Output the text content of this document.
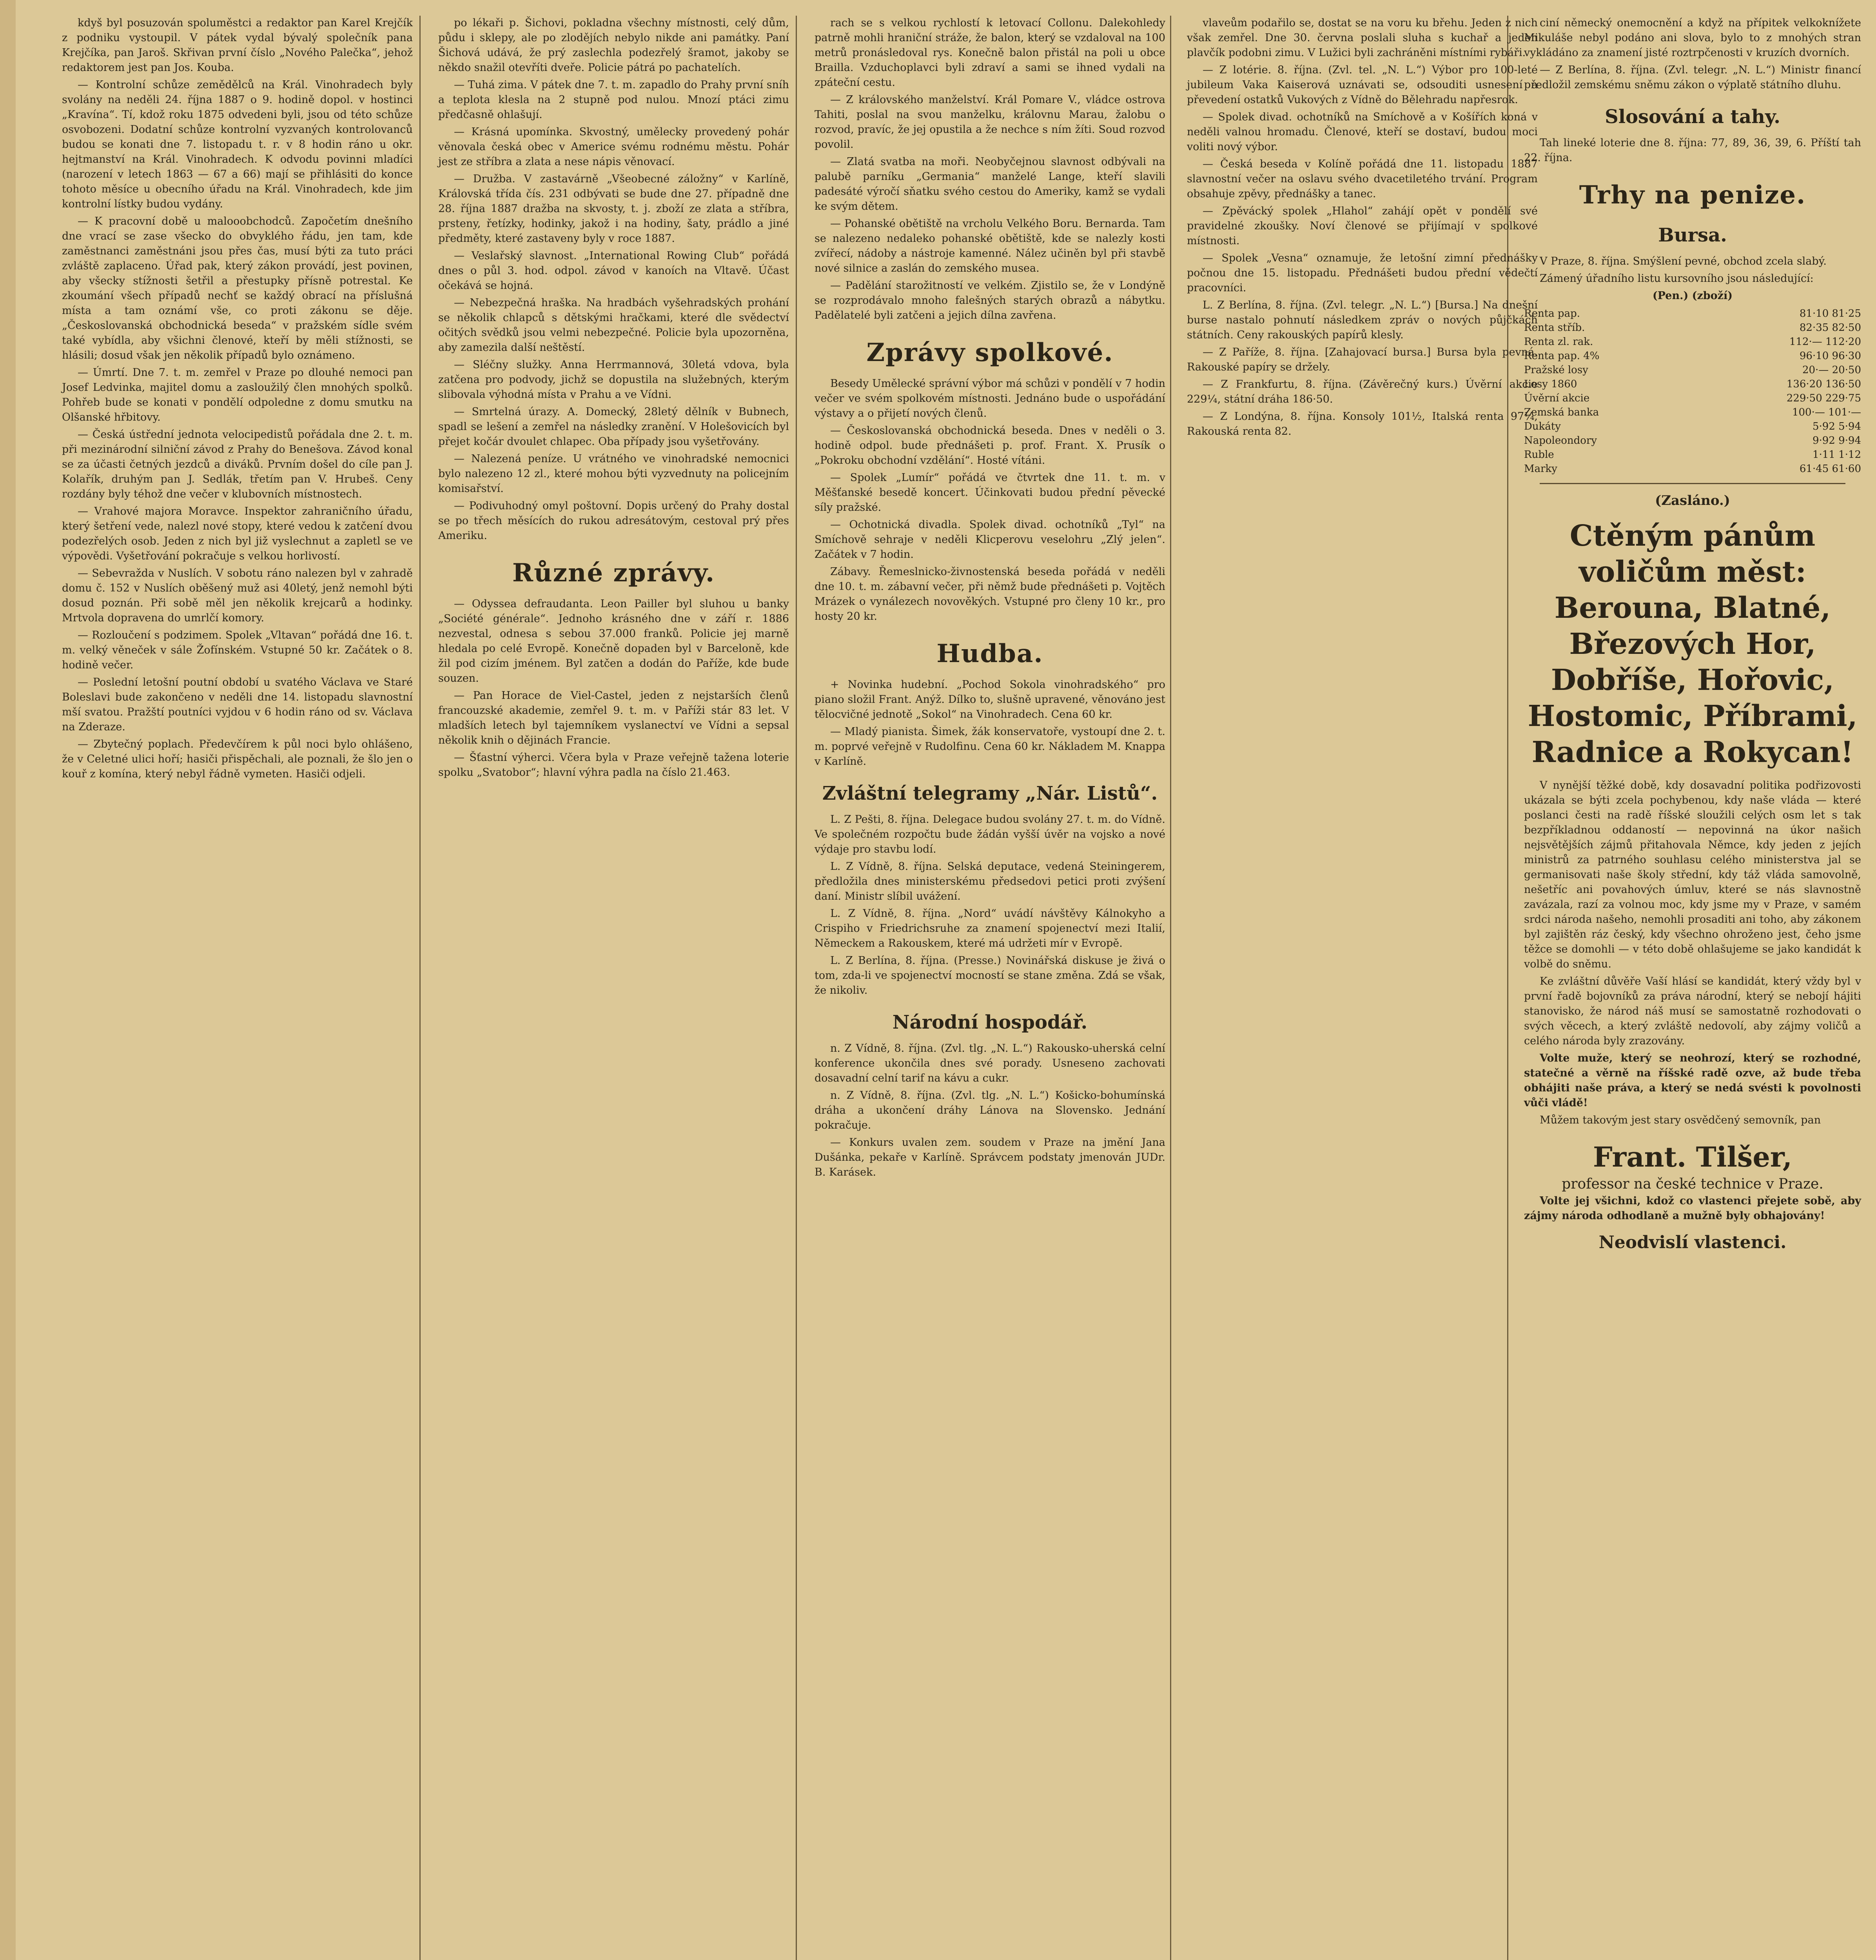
kdyš byl posuzován spoluměstci a redaktor pan Karel Krejčík z podniku vystoupil. V pátek vydal bývalý společník pana Krejčíka, pan Jaroš. Skřivan první číslo „Nového Palečka“, jehož redaktorem jest pan Jos. Kouba.

— Kontrolní schůze zemědělců na Král. Vinohradech byly svolány na neděli 24. října 1887 o 9. hodině dopol. v hostinci „Kravína“. Tí, kdož roku 1875 odvedeni byli, jsou od této schůze osvobozeni. Dodatní schůze kontrolní vyzvaných kontrolovanců budou se konati dne 7. listopadu t. r. v 8 hodin ráno u okr. hejtmanství na Král. Vinohradech. K odvodu povinni mladíci (narození v letech 1863 — 67 a 66) mají se přihlásiti do konce tohoto měsíce u obecního úřadu na Král. Vinohradech, kde jim kontrolní lístky budou vydány.

— K pracovní době u malooobchodců. Započetím dnešního dne vrací se zase všecko do obvyklého řádu, jen tam, kde zaměstnanci zaměstnáni jsou přes čas, musí býti za tuto práci zvláště zaplaceno. Úřad pak, který zákon provádí, jest povinen, aby všecky stížnosti šetřil a přestupky přísně potrestal. Ke zkoumání všech případů nechť se každý obrací na příslušná místa a tam oznámí vše, co proti zákonu se děje. „Českoslovanská obchodnická beseda“ v pražském sídle svém také vybídla, aby všichni členové, kteří by měli stížnosti, se hlásili; dosud však jen několik případů bylo oznámeno.

— Úmrtí. Dne 7. t. m. zemřel v Praze po dlouhé nemoci pan Josef Ledvinka, majitel domu a zasloužilý člen mnohých spolků. Pohřeb bude se konati v pondělí odpoledne z domu smutku na Olšanské hřbitovy.

— Česká ústřední jednota velocipedistů pořádala dne 2. t. m. při mezinárodní silniční závod z Prahy do Benešova. Závod konal se za účasti četných jezdců a diváků. Prvním došel do cíle pan J. Kolařík, druhým pan J. Sedlák, třetím pan V. Hrubeš. Ceny rozdány byly téhož dne večer v klubovních místnostech.

— Vrahové majora Moravce. Inspektor zahraničního úřadu, který šetření vede, nalezl nové stopy, které vedou k zatčení dvou podezřelých osob. Jeden z nich byl již vyslechnut a zapletl se ve výpovědi. Vyšetřování pokračuje s velkou horlivostí.

— Sebevražda v Nuslích. V sobotu ráno nalezen byl v zahradě domu č. 152 v Nuslích oběšený muž asi 40letý, jenž nemohl býti dosud poznán. Při sobě měl jen několik krejcarů a hodinky. Mrtvola dopravena do umrlčí komory.

— Rozloučení s podzimem. Spolek „Vltavan“ pořádá dne 16. t. m. velký věneček v sále Žofínském. Vstupné 50 kr. Začátek o 8. hodině večer.

— Poslední letošní poutní období u svatého Václava ve Staré Boleslavi bude zakončeno v neděli dne 14. listopadu slavnostní mší svatou. Pražští poutníci vyjdou v 6 hodin ráno od sv. Václava na Zderaze.

— Zbytečný poplach. Předevčírem k půl noci bylo ohlášeno, že v Celetné ulici hoří; hasiči přispěchali, ale poznali, že šlo jen o kouř z komína, který nebyl řádně vymeten. Hasiči odjeli.

po lékaři p. Šichovi, pokladna všechny místnosti, celý dům, půdu i sklepy, ale po zlodějích nebylo nikde ani památky. Paní Šichová udává, že prý zaslechla podezřelý šramot, jakoby se někdo snažil otevříti dveře. Policie pátrá po pachatelích.

— Tuhá zima. V pátek dne 7. t. m. zapadlo do Prahy první sníh a teplota klesla na 2 stupně pod nulou. Mnozí ptáci zimu předčasně ohlašují.

— Krásná upomínka. Skvostný, umělecky provedený pohár věnovala česká obec v Americe svému rodnému městu. Pohár jest ze stříbra a zlata a nese nápis věnovací.

— Družba. V zastavárně „Všeobecné záložny“ v Karlíně, Královská třída čís. 231 odbývati se bude dne 27. případně dne 28. října 1887 dražba na skvosty, t. j. zboží ze zlata a stříbra, prsteny, řetízky, hodinky, jakož i na hodiny, šaty, prádlo a jiné předměty, které zastaveny byly v roce 1887.

— Veslařský slavnost. „International Rowing Club“ pořádá dnes o půl 3. hod. odpol. závod v kanoích na Vltavě. Účast očekává se hojná.

— Nebezpečná hraška. Na hradbách vyšehradských prohání se několik chlapců s dětskými hračkami, které dle svědectví očitých svědků jsou velmi nebezpečné. Policie byla upozorněna, aby zamezila další neštěstí.

— Sléčny služky. Anna Herrmannová, 30letá vdova, byla zatčena pro podvody, jichž se dopustila na služebných, kterým slibovala výhodná místa v Prahu a ve Vídni.

— Smrtelná úrazy. A. Domecký, 28letý dělník v Bubnech, spadl se lešení a zemřel na následky zranění. V Holešovicích byl přejet kočár dvoulet chlapec. Oba případy jsou vyšetřovány.

— Nalezená peníze. U vrátného ve vinohradské nemocnici bylo nalezeno 12 zl., které mohou býti vyzvednuty na policejním komisařství.

— Podivuhodný omyl poštovní. Dopis určený do Prahy dostal se po třech měsících do rukou adresátovým, cestoval prý přes Ameriku.

Různé zprávy.

— Odyssea defraudanta. Leon Pailler byl sluhou u banky „Société générale“. Jednoho krásného dne v září r. 1886 nezvestal, odnesa s sebou 37.000 franků. Policie jej marně hledala po celé Evropě. Konečně dopaden byl v Barceloně, kde žil pod cizím jménem. Byl zatčen a dodán do Paříže, kde bude souzen.

— Pan Horace de Viel-Castel, jeden z nejstarších členů francouzské akademie, zemřel 9. t. m. v Paříži stár 83 let. V mladších letech byl tajemníkem vyslanectví ve Vídni a sepsal několik knih o dějinách Francie.

— Šťastní výherci. Včera byla v Praze veřejně tažena loterie spolku „Svatobor“; hlavní výhra padla na číslo 21.463.

rach se s velkou rychlostí k letovací Collonu. Dalekohledy patrně mohli hraniční stráže, že balon, který se vzdaloval na 100 metrů pronásledoval rys. Konečně balon přistál na poli u obce Brailla. Vzduchoplavci byli zdraví a sami se ihned vydali na zpáteční cestu.

— Z královského manželství. Král Pomare V., vládce ostrova Tahiti, poslal na svou manželku, královnu Marau, žalobu o rozvod, pravíc, že jej opustila a že nechce s ním žíti. Soud rozvod povolil.

— Zlatá svatba na moři. Neobyčejnou slavnost odbývali na palubě parníku „Germania“ manželé Lange, kteří slavili padesáté výročí sňatku svého cestou do Ameriky, kamž se vydali ke svým dětem.

— Pohanské obětiště na vrcholu Velkého Boru. Bernarda. Tam se nalezeno nedaleko pohanské obětiště, kde se nalezly kosti zvířecí, nádoby a nástroje kamenné. Nález učiněn byl při stavbě nové silnice a zaslán do zemského musea.

— Padělání starožitností ve velkém. Zjistilo se, že v Londýně se rozprodávalo mnoho falešných starých obrazů a nábytku. Padělatelé byli zatčeni a jejich dílna zavřena.

Zprávy spolkové.

Besedy Umělecké správní výbor má schůzi v pondělí v 7 hodin večer ve svém spolkovém místnosti. Jednáno bude o uspořádání výstavy a o přijetí nových členů.

— Českoslovanská obchodnická beseda. Dnes v neděli o 3. hodině odpol. bude přednášeti p. prof. Frant. X. Prusík o „Pokroku obchodní vzdělání“. Hosté vítáni.

— Spolek „Lumír“ pořádá ve čtvrtek dne 11. t. m. v Měšťanské besedě koncert. Účinkovati budou přední pěvecké síly pražské.

— Ochotnická divadla. Spolek divad. ochotníků „Tyl“ na Smíchově sehraje v neděli Klicperovu veselohru „Zlý jelen“. Začátek v 7 hodin.

Zábavy. Řemeslnicko-živnostenská beseda pořádá v neděli dne 10. t. m. zábavní večer, při němž bude přednášeti p. Vojtěch Mrázek o vynálezech novověkých. Vstupné pro členy 10 kr., pro hosty 20 kr.

Hudba.

+ Novinka hudební. „Pochod Sokola vinohradského“ pro piano složil Frant. Anýž. Dílko to, slušně upravené, věnováno jest tělocvičné jednotě „Sokol“ na Vinohradech. Cena 60 kr.

— Mladý pianista. Šimek, žák konservatoře, vystoupí dne 2. t. m. poprvé veřejně v Rudolfinu. Cena 60 kr. Nákladem M. Knappa v Karlíně.

Zvláštní telegramy „Nár. Listů“.

L. Z Pešti, 8. října. Delegace budou svolány 27. t. m. do Vídně. Ve společném rozpočtu bude žádán vyšší úvěr na vojsko a nové výdaje pro stavbu lodí.

L. Z Vídně, 8. října. Selská deputace, vedená Steiningerem, předložila dnes ministerskému předsedovi petici proti zvýšení daní. Ministr slíbil uvážení.

L. Z Vídně, 8. října. „Nord“ uvádí návštěvy Kálnokyho a Crispiho v Friedrichsruhe za znamení spojenectví mezi Italií, Německem a Rakouskem, které má udržeti mír v Evropě.

L. Z Berlína, 8. října. (Presse.) Novinářská diskuse je živá o tom, zda-li ve spojenectví mocností se stane změna. Zdá se však, že nikoliv.

Národní hospodář.

n. Z Vídně, 8. října. (Zvl. tlg. „N. L.“) Rakousko-uherská celní konference ukončila dnes své porady. Usneseno zachovati dosavadní celní tarif na kávu a cukr.

n. Z Vídně, 8. října. (Zvl. tlg. „N. L.“) Košicko-bohumínská dráha a ukončení dráhy Lánova na Slovensko. Jednání pokračuje.

— Konkurs uvalen zem. soudem v Praze na jmění Jana Dušánka, pekaře v Karlíně. Správcem podstaty jmenován JUDr. B. Karásek.

vlaveům podařilo se, dostat se na voru ku břehu. Jeden z nich však zemřel. Dne 30. června poslali sluha s kuchař a jeden plavčík podobni zimu. V Lužici byli zachráněni místními rybáři.

— Z lotérie. 8. října. (Zvl. tel. „N. L.“) Výbor pro 100-leté jubileum Vaka Kaiserová uznávati se, odsouditi usnesení a převedení ostatků Vukových z Vídně do Bělehradu napřesrok.

— Spolek divad. ochotníků na Smíchově a v Košířích koná v neděli valnou hromadu. Členové, kteří se dostaví, budou moci voliti nový výbor.

— Česká beseda v Kolíně pořádá dne 11. listopadu 1887 slavnostní večer na oslavu svého dvacetiletého trvání. Program obsahuje zpěvy, přednášky a tanec.

— Zpěvácký spolek „Hlahol“ zahájí opět v pondělí své pravidelné zkoušky. Noví členové se přijímají v spolkové místnosti.

— Spolek „Vesna“ oznamuje, že letošní zimní přednášky počnou dne 15. listopadu. Přednášeti budou přední vědečtí pracovníci.

L. Z Berlína, 8. října. (Zvl. telegr. „N. L.“) [Bursa.] Na dnešní burse nastalo pohnutí následkem zpráv o nových půjčkách státních. Ceny rakouských papírů klesly.

— Z Paříže, 8. října. [Zahajovací bursa.] Bursa byla pevná. Rakouské papíry se držely.

— Z Frankfurtu, 8. října. (Závěrečný kurs.) Úvěrní akcie 229¼, státní dráha 186·50.

— Z Londýna, 8. října. Konsoly 101½, Italská renta 97¼, Rakouská renta 82.

ciní německý onemocnění a když na přípitek velkoknížete Mikuláše nebyl podáno ani slova, bylo to z mnohých stran vykládáno za znamení jisté roztrpčenosti v kruzích dvorních.

— Z Berlína, 8. října. (Zvl. telegr. „N. L.“) Ministr financí předložil zemskému sněmu zákon o výplatě státního dluhu.

Slosování a tahy.

Tah lineké loterie dne 8. října: 77, 89, 36, 39, 6. Příští tah 22. října.

Trhy na penize.
Bursa.

V Praze, 8. října. Smýšlení pevné, obchod zcela slabý.

Zámený úřadního listu kursovního jsou následující:

(Pen.) (zboží)
Renta pap.	81·10 81·25
Renta stříb.	82·35 82·50
Renta zl. rak.	112·— 112·20
Renta pap. 4%	96·10 96·30
Pražské losy	20·— 20·50
Losy 1860	136·20 136·50
Úvěrní akcie	229·50 229·75
Zemská banka	100·— 101·—
Dukáty	5·92 5·94
Napoleondory	9·92 9·94
Ruble	1·11 1·12
Marky	61·45 61·60
(Zasláno.)
Ctěným pánům voličům měst: Berouna, Blatné, Březových Hor, Dobříše, Hořovic, Hostomic, Příbrami, Radnice a Rokycan!

V nynější těžké době, kdy dosavadní politika podřizovosti ukázala se býti zcela pochybenou, kdy naše vláda — které poslanci česti na radě říšské sloužili celých osm let s tak bezpříkladnou oddaností — nepovinná na úkor našich nejsvětějších zájmů přitahovala Němce, kdy jeden z jejích ministrů za patrného souhlasu celého ministerstva jal se germanisovati naše školy střední, kdy táž vláda samovolně, nešetříc ani povahových úmluv, které se nás slavnostně zavázala, razí za volnou moc, kdy jsme my v Praze, v samém srdci národa našeho, nemohli prosaditi ani toho, aby zákonem byl zajištěn ráz český, kdy všechno ohroženo jest, čeho jsme těžce se domohli — v této době ohlašujeme se jako kandidát k volbě do sněmu.

Ke zvláštní důvěře Vaší hlásí se kandidát, který vždy byl v první řadě bojovníků za práva národní, který se nebojí hájiti stanovisko, že národ náš musí se samostatně rozhodovati o svých věcech, a který zvláště nedovolí, aby zájmy voličů a celého národa byly zrazovány.

Volte muže, který se neohrozí, který se rozhodné, statečné a věrně na říšské radě ozve, až bude třeba obhájiti naše práva, a který se nedá svésti k povolnosti vůči vládě!

Můžem takovým jest stary osvědčený semovník, pan

Frant. Tilšer,
professor na české technice v Praze.

Volte jej všichni, kdož co vlastenci přejete sobě, aby zájmy národa odhodlaně a mužně byly obhajovány!

Neodvislí vlastenci.
